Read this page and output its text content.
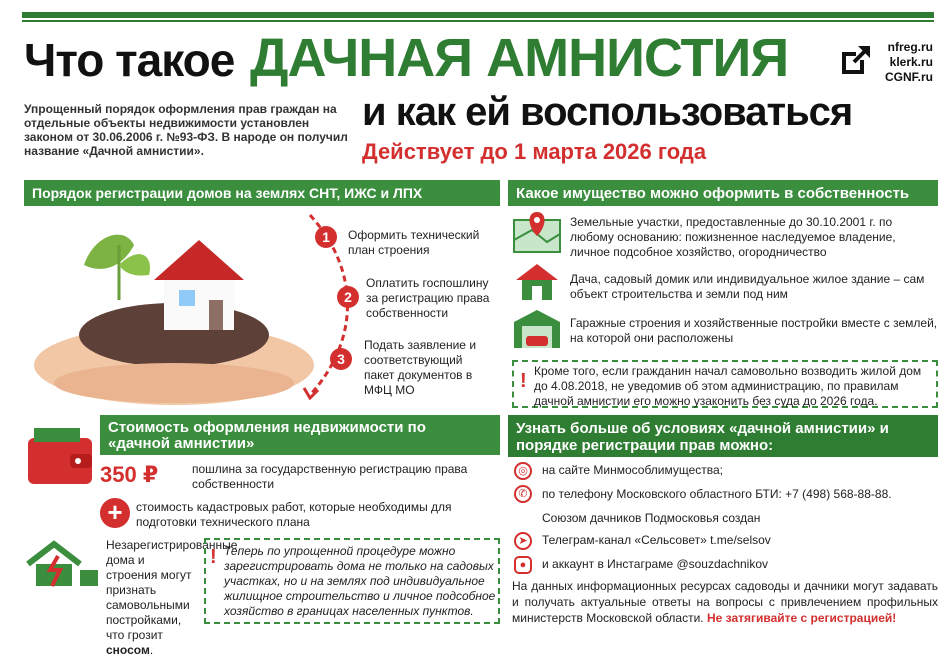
Что такое ДАЧНАЯ АМНИСТИЯ
и как ей воспользоваться
Действует до 1 марта 2026 года
Упрощенный порядок оформления прав граждан на отдельные объекты недвижимости установлен законом от 30.06.2006 г. №93-ФЗ. В народе он получил название «Дачной амнистии».
nfreg.ru
klerk.ru
CGNF.ru
Порядок регистрации домов на землях СНТ, ИЖС и ЛПХ
1	Оформить технический план строения
2
Оплатить госпошлину за регистрацию права собственности
3
Подать заявление и соответствующий пакет документов в МФЦ МО
Какое имущество можно оформить в собственность
Земельные участки, предоставленные до 30.10.2001 г. по любому основанию: пожизненное наследуемое владение, личное подсобное хозяйство, огородничество
Дача, садовый домик или индивидуальное жилое здание – сам объект строительства и земли под ним
Гаражные строения и хозяйственные постройки вместе с землей, на которой они расположены
! Кроме того, если гражданин начал самовольно возводить жилой дом до 4.08.2018, не уведомив об этом администрацию, по правилам дачной амнистии его можно узаконить без суда до 2026 года.
Стоимость оформления недвижимости по «дачной амнистии»
350 ₽	пошлина за государственную регистрацию права собственности
+	стоимость кадастровых работ, которые необходимы для подготовки технического плана
Незарегистрированные дома и строения могут признать самовольными постройками, что грозит сносом.
! Теперь по упрощенной процедуре можно зарегистрировать дома не только на садовых участках, но и на землях под индивидуальное жилищное строительство и личное подсобное хозяйство в границах населенных пунктов.
Узнать больше об условиях «дачной амнистии» и порядке регистрации прав можно:
◎	на сайте Минмособлимущества;
✆	по телефону Московского областного БТИ: +7 (498) 568-88-88.
Союзом дачников Подмосковья создан
➤	Телеграм-канал «Сельсовет» t.me/selsov
●	и аккаунт в Инстаграме @souzdachnikov
На данных информационных ресурсах садоводы и дачники могут задавать и получать актуальные ответы на вопросы с привлечением профильных министерств Московской области. Не затягивайте с регистрацией!
